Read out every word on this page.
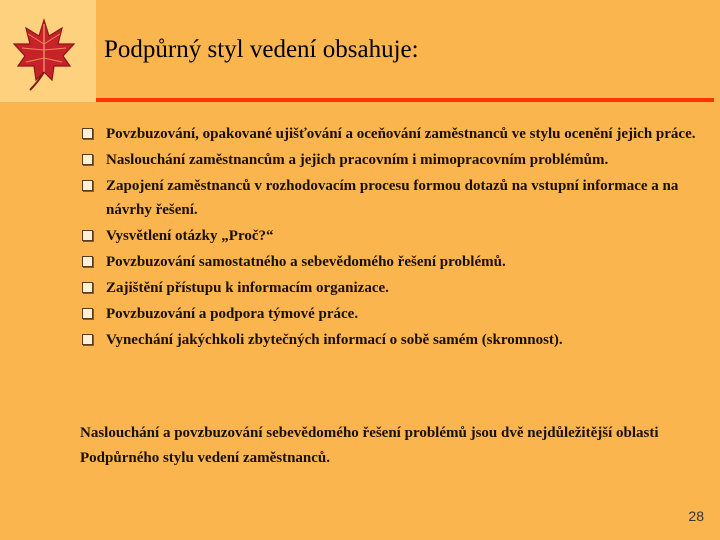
Podpůrný styl vedení obsahuje:
Povzbuzování, opakované ujišťování a oceňování zaměstnanců ve stylu ocenění jejich práce.
Naslouchání zaměstnancům a jejich pracovním i mimopracovním problémům.
Zapojení zaměstnanců v rozhodovacím procesu formou dotazů na vstupní informace a na návrhy řešení.
Vysvětlení otázky „Proč?“
Povzbuzování samostatného a sebevědomého řešení problémů.
Zajištění přístupu k informacím organizace.
Povzbuzování a podpora týmové práce.
Vynechání jakýchkoli zbytečných informací o sobě samém (skromnost).
Naslouchání a povzbuzování sebevědomého řešení problémů jsou dvě nejdůležitější oblasti Podpůrného stylu vedení zaměstnanců.
28
